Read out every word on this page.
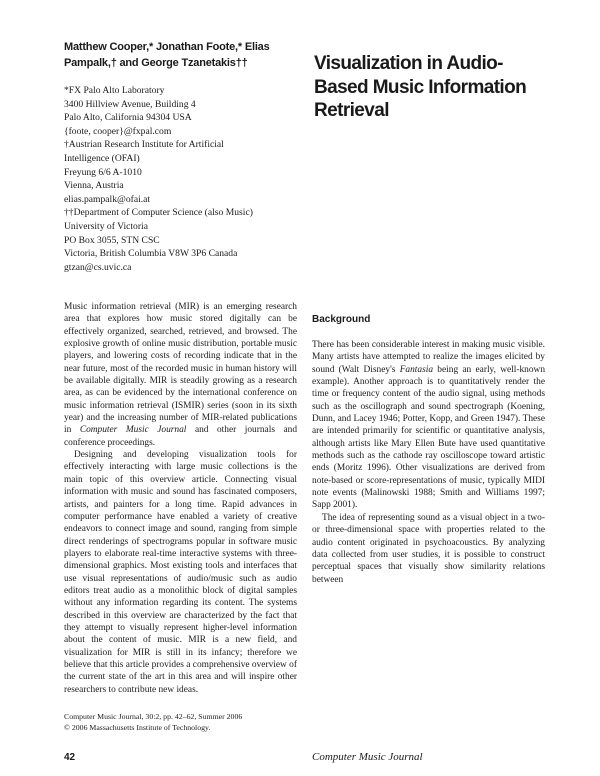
Matthew Cooper,* Jonathan Foote,* Elias
Pampalk,† and George Tzanetakis††
*FX Palo Alto Laboratory
3400 Hillview Avenue, Building 4
Palo Alto, California 94304 USA
{foote, cooper}@fxpal.com
†Austrian Research Institute for Artificial
Intelligence (OFAI)
Freyung 6/6 A-1010
Vienna, Austria
elias.pampalk@ofai.at
††Department of Computer Science (also Music)
University of Victoria
PO Box 3055, STN CSC
Victoria, British Columbia V8W 3P6 Canada
gtzan@cs.uvic.ca
Visualization in Audio-
Based Music Information
Retrieval

Music information retrieval (MIR) is an emerging research area that explores how music stored digitally can be effectively organized, searched, retrieved, and browsed. The explosive growth of online music distribution, portable music players, and lowering costs of recording indicate that in the near future, most of the recorded music in human history will be available digitally. MIR is steadily growing as a research area, as can be evidenced by the international conference on music information retrieval (ISMIR) series (soon in its sixth year) and the increasing number of MIR-related publications in Computer Music Journal and other journals and conference proceedings.

Designing and developing visualization tools for effectively interacting with large music collections is the main topic of this overview article. Connecting visual information with music and sound has fascinated composers, artists, and painters for a long time. Rapid advances in computer performance have enabled a variety of creative endeavors to connect image and sound, ranging from simple direct renderings of spectrograms popular in software music players to elaborate real-time interactive systems with three-dimensional graphics. Most existing tools and interfaces that use visual representations of audio/music such as audio editors treat audio as a monolithic block of digital samples without any information regarding its content. The systems described in this overview are characterized by the fact that they attempt to visually represent higher-level information about the content of music. MIR is a new field, and visualization for MIR is still in its infancy; therefore we believe that this article provides a comprehensive overview of the current state of the art in this area and will inspire other researchers to contribute new ideas.

Background

There has been considerable interest in making music visible. Many artists have attempted to realize the images elicited by sound (Walt Disney's Fantasia being an early, well-known example). Another approach is to quantitatively render the time or frequency content of the audio signal, using methods such as the oscillograph and sound spectrograph (Koening, Dunn, and Lacey 1946; Potter, Kopp, and Green 1947). These are intended primarily for scientific or quantitative analysis, although artists like Mary Ellen Bute have used quantitative methods such as the cathode ray oscilloscope toward artistic ends (Moritz 1996). Other visualizations are derived from note-based or score-representations of music, typically MIDI note events (Malinowski 1988; Smith and Williams 1997; Sapp 2001).

The idea of representing sound as a visual object in a two- or three-dimensional space with properties related to the audio content originated in psychoacoustics. By analyzing data collected from user studies, it is possible to construct perceptual spaces that visually show similarity relations between

Computer Music Journal, 30:2, pp. 42–62, Summer 2006
© 2006 Massachusetts Institute of Technology.
42	Computer Music Journal
